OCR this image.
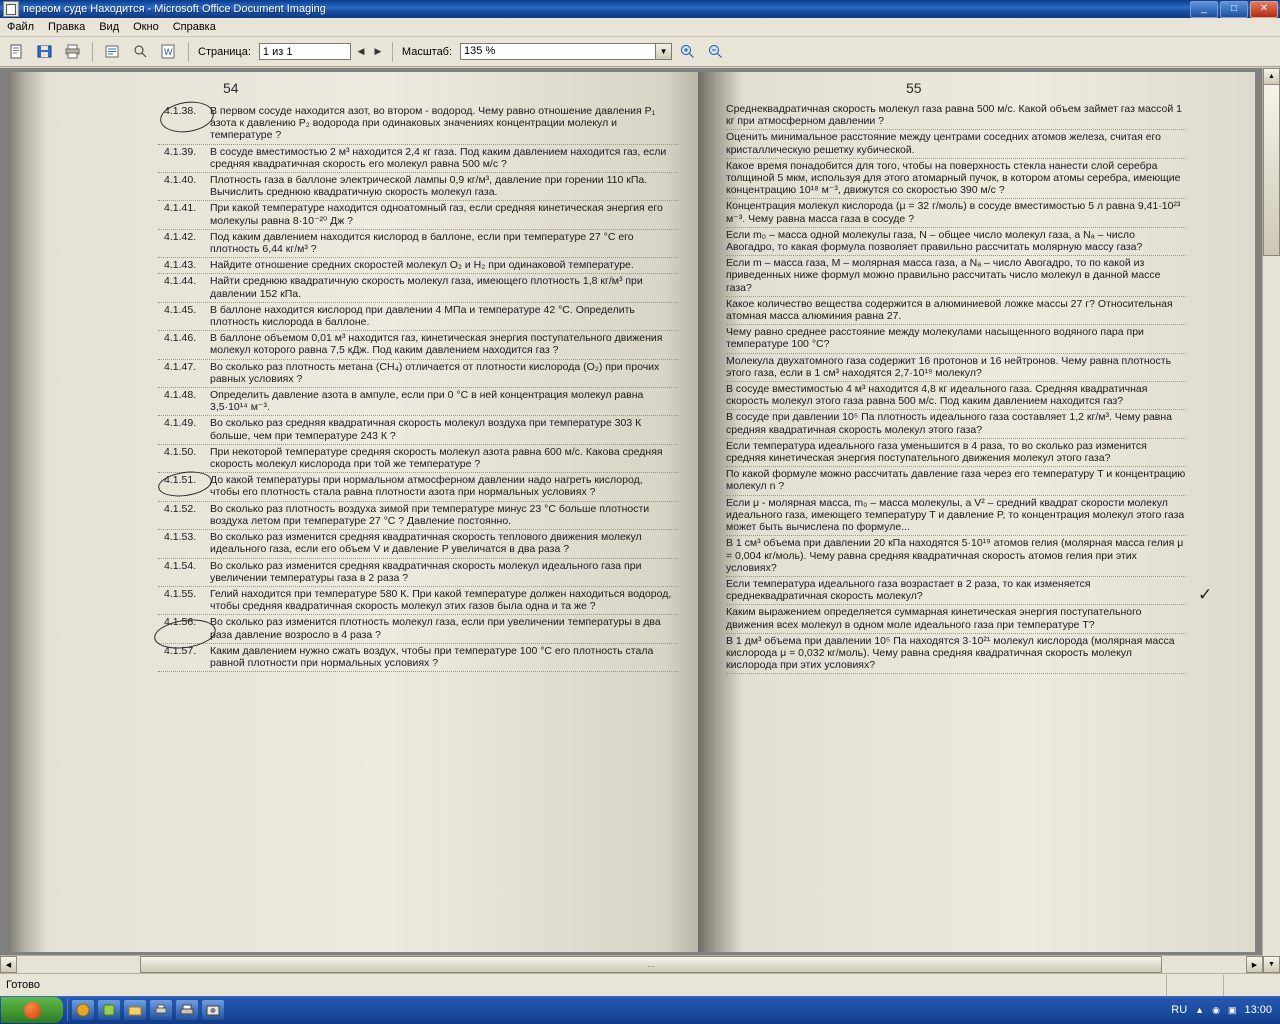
переом суде Находится - Microsoft Office Document Imaging	_	□	✕
Файл	Правка	Вид	Окно	Справка
W Страница:
1 из 1	◀	▶	Масштаб:	135 %	▼
54	55
4.1.38.	В первом сосуде находится азот, во втором - водород. Чему равно отношение давления P₁ азота к давлению P₂ водорода при одинаковых значениях концентрации молекул и температуре ?
4.1.39.	В сосуде вместимостью 2 м³ находится 2,4 кг газа. Под каким давлением находится газ, если средняя квадратичная скорость его молекул равна 500 м/с ?
4.1.40.	Плотность газа в баллоне электрической лампы 0,9 кг/м³, давление при горении 110 кПа. Вычислить среднюю квадратичную скорость молекул газа.
4.1.41.	При какой температуре находится одноатомный газ, если средняя кинетическая энергия его молекулы равна 8·10⁻²⁰ Дж ?
4.1.42.	Под каким давлением находится кислород в баллоне, если при температуре 27 °С его плотность 6,44 кг/м³ ?
4.1.43.	Найдите отношение средних скоростей молекул O₂ и H₂ при одинаковой температуре.
4.1.44.	Найти среднюю квадратичную скорость молекул газа, имеющего плотность 1,8 кг/м³ при давлении 152 кПа.
4.1.45.	В баллоне находится кислород при давлении 4 МПа и температуре 42 °С. Определить плотность кислорода в баллоне.
4.1.46.	В баллоне объемом 0,01 м³ находится газ, кинетическая энергия поступательного движения молекул которого равна 7,5 кДж. Под каким давлением находится газ ?
4.1.47.	Во сколько раз плотность метана (CH₄) отличается от плотности кислорода (O₂) при прочих равных условиях ?
4.1.48.	Определить давление азота в ампуле, если при 0 °С в ней концентрация молекул равна 3,5·10¹⁴ м⁻³.
4.1.49.	Во сколько раз средняя квадратичная скорость молекул воздуха при температуре 303 К больше, чем при температуре 243 К ?
4.1.50.	При некоторой температуре средняя скорость молекул азота равна 600 м/с. Какова средняя скорость молекул кислорода при той же температуре ?
4.1.51.	До какой температуры при нормальном атмосферном давлении надо нагреть кислород, чтобы его плотность стала равна плотности азота при нормальных условиях ?
4.1.52.	Во сколько раз плотность воздуха зимой при температуре минус 23 °С больше плотности воздуха летом при температуре 27 °С ? Давление постоянно.
4.1.53.	Во сколько раз изменится средняя квадратичная скорость теплового движения молекул идеального газа, если его объем V и давление P увеличатся в два раза ?
4.1.54.	Во сколько раз изменится средняя квадратичная скорость молекул идеального газа при увеличении температуры газа в 2 раза ?
4.1.55.	Гелий находится при температуре 580 К. При какой температуре должен находиться водород, чтобы средняя квадратичная скорость молекул этих газов была одна и та же ?
4.1.56.	Во сколько раз изменится плотность молекул газа, если при увеличении температуры в два раза давление возросло в 4 раза ?
4.1.57.	Каким давлением нужно сжать воздух, чтобы при температуре 100 °С его плотность стала равной плотности при нормальных условиях ?
Среднеквадратичная скорость молекул газа равна 500 м/с. Какой объем займет газ массой 1 кг при атмосферном давлении ?
Оценить минимальное расстояние между центрами соседних атомов железа, считая его кристаллическую решетку кубической.
Какое время понадобится для того, чтобы на поверхность стекла нанести слой серебра толщиной 5 мкм, используя для этого атомарный пучок, в котором атомы серебра, имеющие концентрацию 10¹⁸ м⁻³, движутся со скоростью 390 м/с ?
Концентрация молекул кислорода (μ = 32 г/моль) в сосуде вместимостью 5 л равна 9,41·10²³ м⁻³. Чему равна масса газа в сосуде ?
Если m₀ – масса одной молекулы газа, N – общее число молекул газа, а Nₐ – число Авогадро, то какая формула позволяет правильно рассчитать молярную массу газа?
Если m – масса газа, M – молярная масса газа, а Nₐ – число Авогадро, то по какой из приведенных ниже формул можно правильно рассчитать число молекул в данной массе газа?
Какое количество вещества содержится в алюминиевой ложке массы 27 г? Относительная атомная масса алюминия равна 27.
Чему равно среднее расстояние между молекулами насыщенного водяного пара при температуре 100 °С?
Молекула двухатомного газа содержит 16 протонов и 16 нейтронов. Чему равна плотность этого газа, если в 1 см³ находятся 2,7·10¹⁹ молекул?
В сосуде вместимостью 4 м³ находится 4,8 кг идеального газа. Средняя квадратичная скорость молекул этого газа равна 500 м/с. Под каким давлением находится газ?
В сосуде при давлении 10⁵ Па плотность идеального газа составляет 1,2 кг/м³. Чему равна средняя квадратичная скорость молекул этого газа?
Если температура идеального газа уменьшится в 4 раза, то во сколько раз изменится средняя кинетическая энергия поступательного движения молекул этого газа?
По какой формуле можно рассчитать давление газа через его температуру T и концентрацию молекул n ?
Если μ - молярная масса, m₀ – масса молекулы, а V² – средний квадрат скорости молекул идеального газа, имеющего температуру T и давление P, то концентрация молекул этого газа может быть вычислена по формуле...
В 1 см³ объема при давлении 20 кПа находятся 5·10¹⁹ атомов гелия (молярная масса гелия μ = 0,004 кг/моль). Чему равна средняя квадратичная скорость атомов гелия при этих условиях?
Если температура идеального газа возрастает в 2 раза, то как изменяется среднеквадратичная скорость молекул?
Каким выражением определяется суммарная кинетическая энергия поступательного движения всех молекул в одном моле идеального газа при температуре T?
В 1 дм³ объема при давлении 10⁵ Па находятся 3·10²¹ молекул кислорода (молярная масса кислорода μ = 0,032 кг/моль). Чему равна средняя квадратичная скорость молекул кислорода при этих условиях?
✓
▲
▼
◀	…	▶
Готово
RU ▲ ◉ ▣ 13:00
